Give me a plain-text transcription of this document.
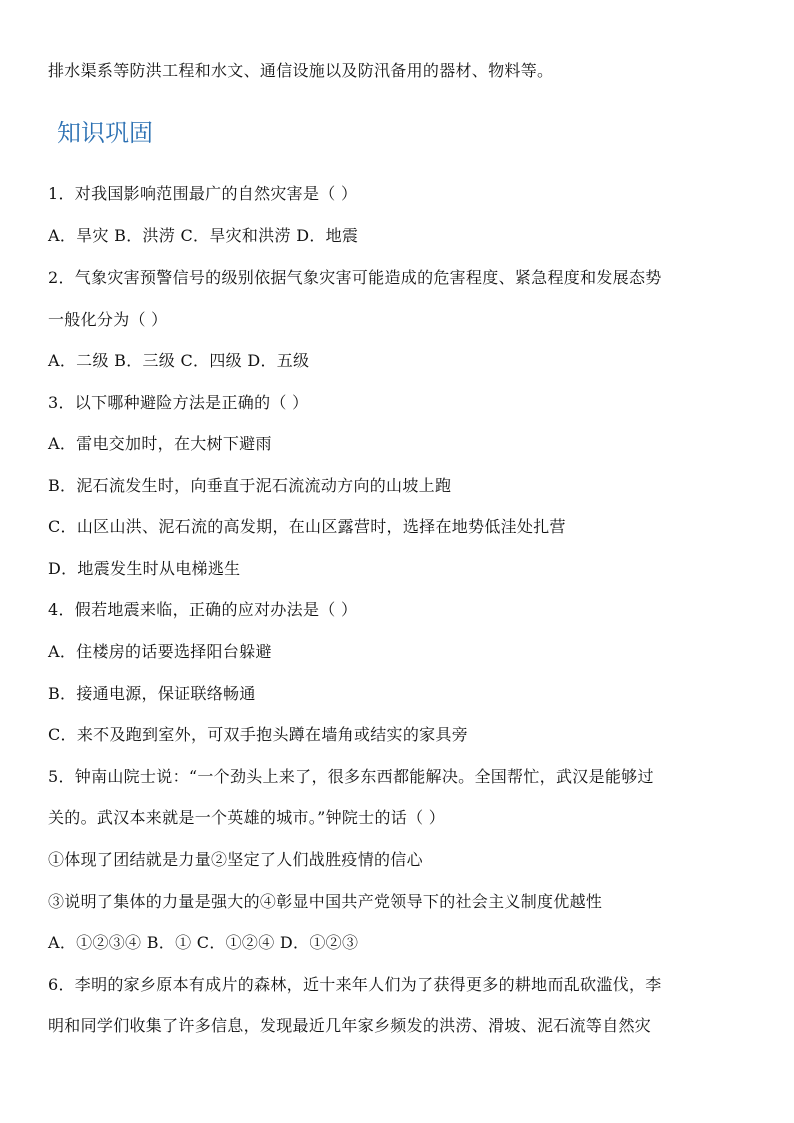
排水渠系等防洪工程和水文、通信设施以及防汛备用的器材、物料等。
知识巩固
1．对我国影响范围最广的自然灾害是（ ）
A．旱灾 B．洪涝 C．旱灾和洪涝 D．地震
2．气象灾害预警信号的级别依据气象灾害可能造成的危害程度、紧急程度和发展态势
一般化分为（ ）
A．二级 B．三级 C．四级 D．五级
3．以下哪种避险方法是正确的（ ）
A．雷电交加时，在大树下避雨
B．泥石流发生时，向垂直于泥石流流动方向的山坡上跑
C．山区山洪、泥石流的高发期，在山区露营时，选择在地势低洼处扎营
D．地震发生时从电梯逃生
4．假若地震来临，正确的应对办法是（ ）
A．住楼房的话要选择阳台躲避
B．接通电源，保证联络畅通
C．来不及跑到室外，可双手抱头蹲在墙角或结实的家具旁
5．钟南山院士说：“一个劲头上来了，很多东西都能解决。全国帮忙，武汉是能够过
关的。武汉本来就是一个英雄的城市。”钟院士的话（ ）
①体现了团结就是力量②坚定了人们战胜疫情的信心
③说明了集体的力量是强大的④彰显中国共产党领导下的社会主义制度优越性
A．①②③④ B．① C．①②④ D．①②③
6．李明的家乡原本有成片的森林，近十来年人们为了获得更多的耕地而乱砍滥伐，李
明和同学们收集了许多信息，发现最近几年家乡频发的洪涝、滑坡、泥石流等自然灾
